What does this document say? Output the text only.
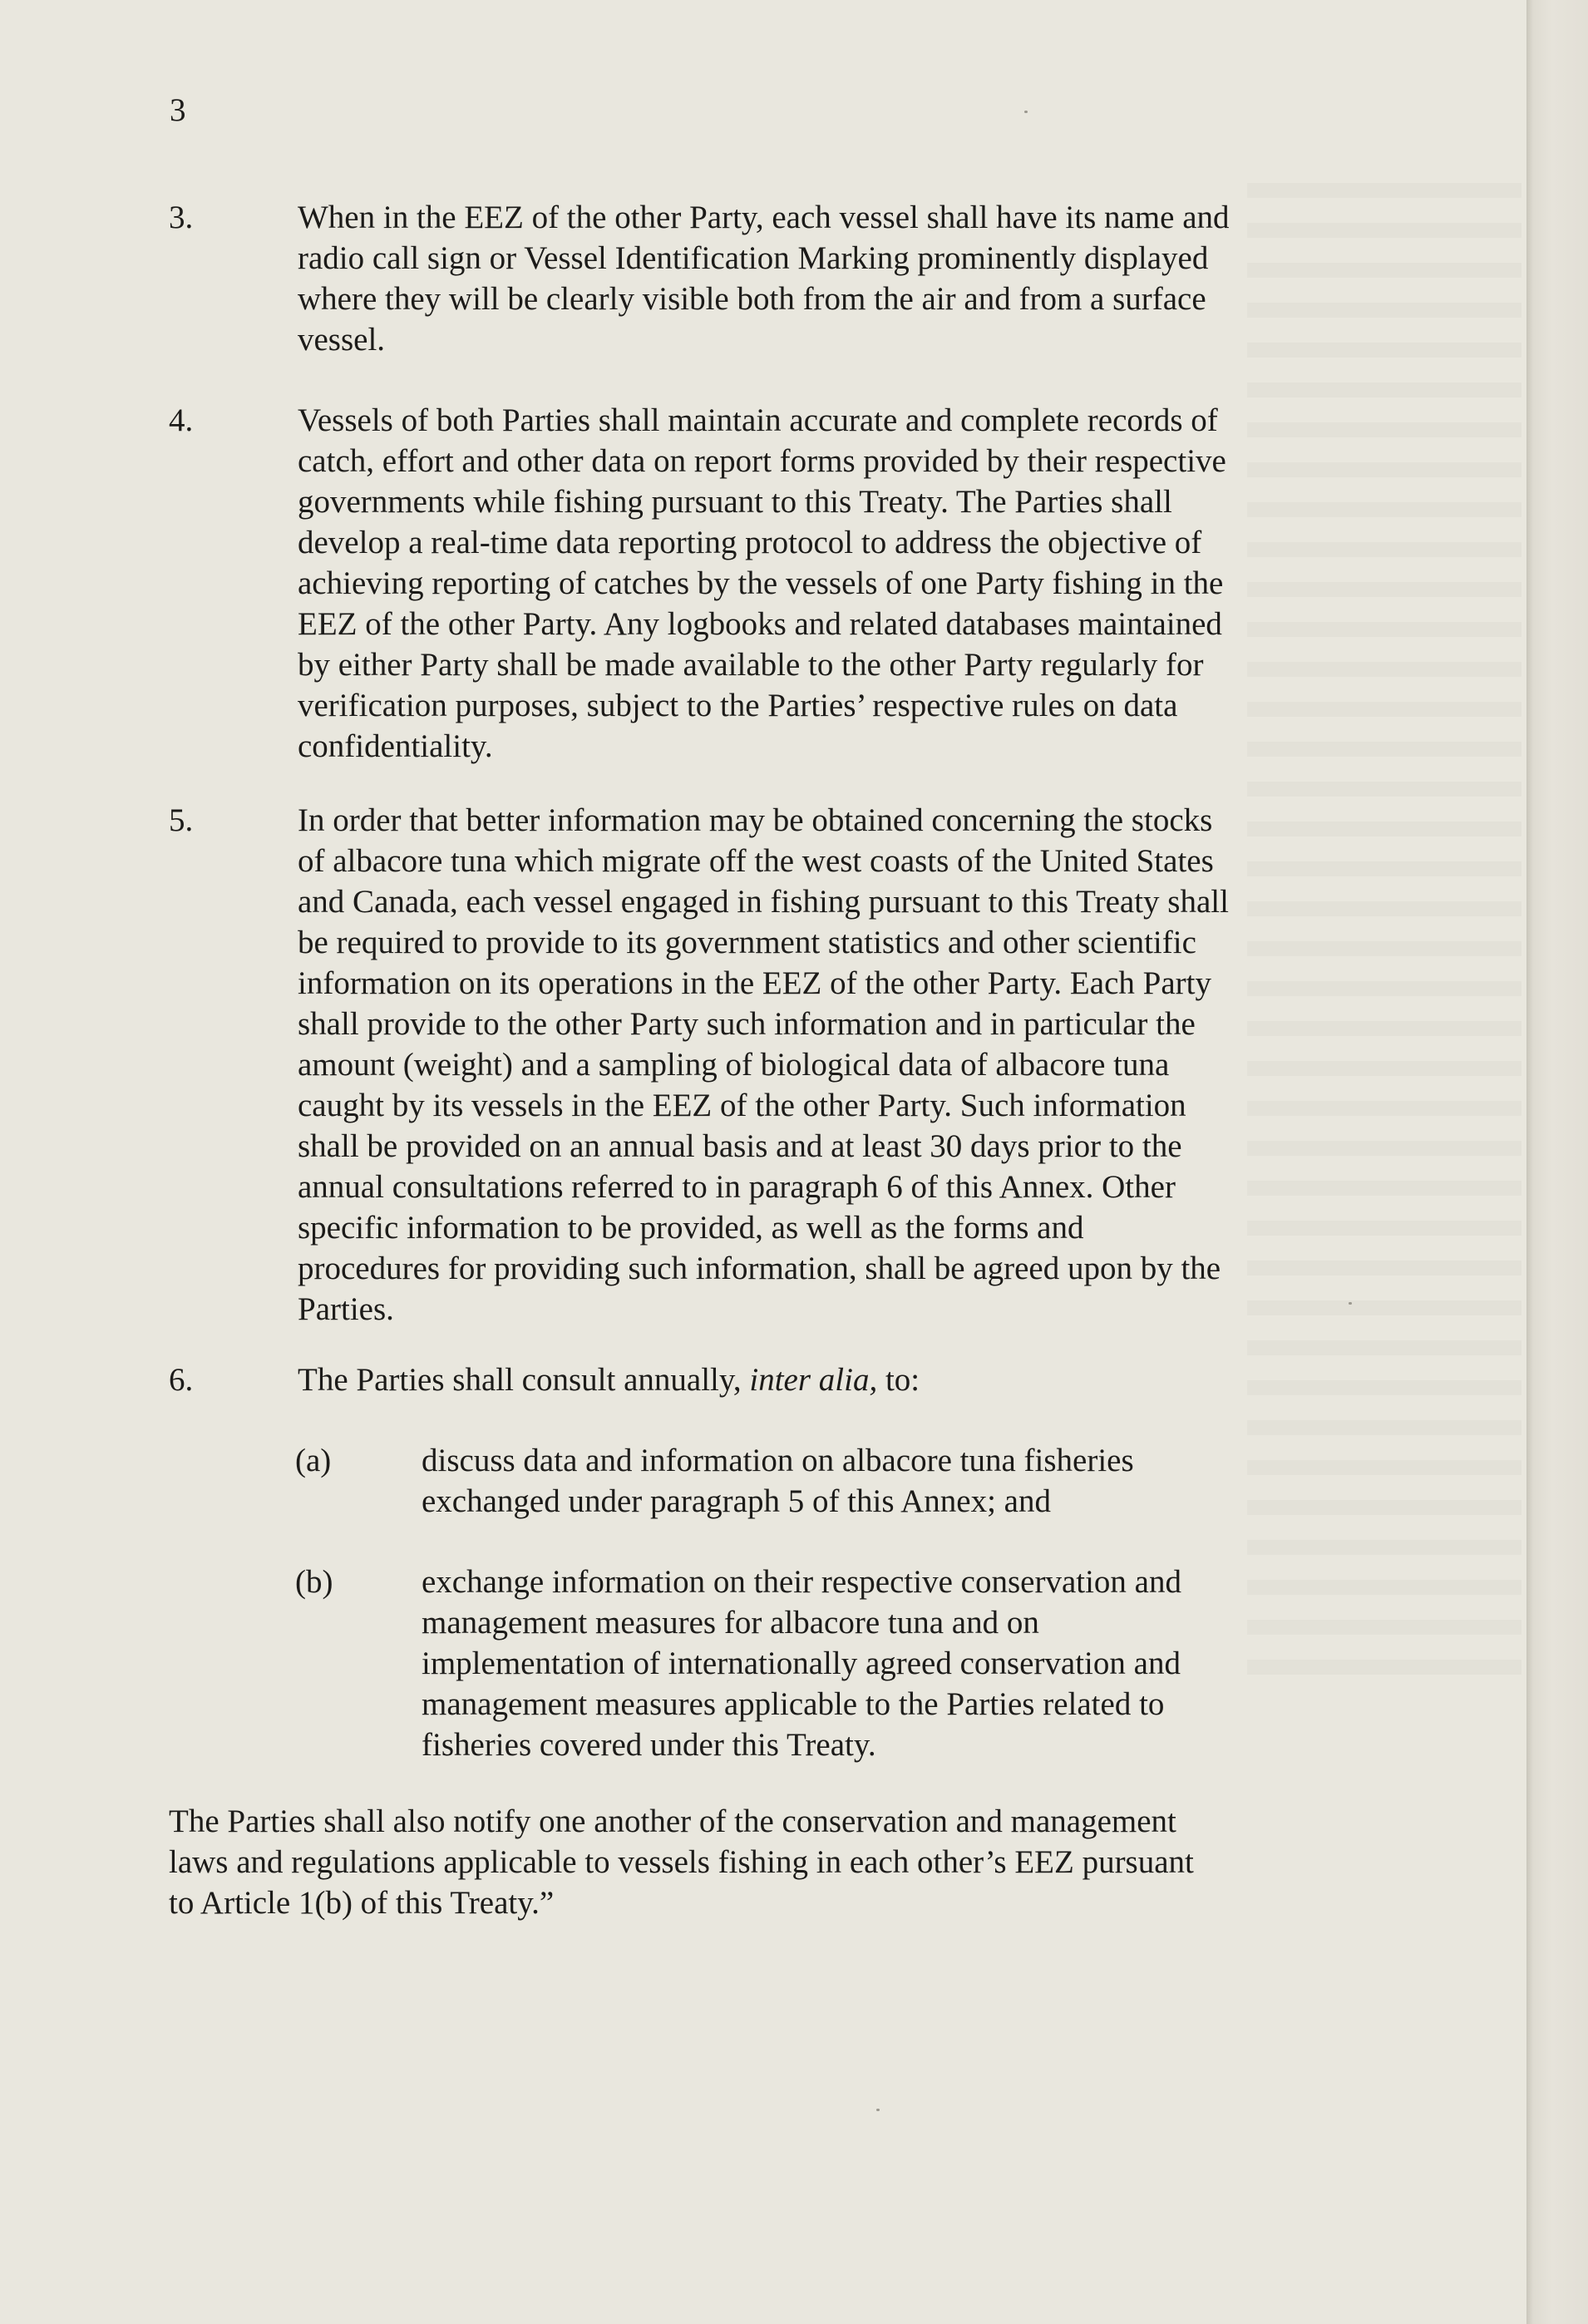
3
3.	When in the EEZ of the other Party, each vessel shall have its name and
radio call sign or Vessel Identification Marking prominently displayed
where they will be clearly visible both from the air and from a surface
vessel.
4.	Vessels of both Parties shall maintain accurate and complete records of
catch, effort and other data on report forms provided by their respective
governments while fishing pursuant to this Treaty. The Parties shall
develop a real-time data reporting protocol to address the objective of
achieving reporting of catches by the vessels of one Party fishing in the
EEZ of the other Party. Any logbooks and related databases maintained
by either Party shall be made available to the other Party regularly for
verification purposes, subject to the Parties’ respective rules on data
confidentiality.
5.	In order that better information may be obtained concerning the stocks
of albacore tuna which migrate off the west coasts of the United States
and Canada, each vessel engaged in fishing pursuant to this Treaty shall
be required to provide to its government statistics and other scientific
information on its operations in the EEZ of the other Party. Each Party
shall provide to the other Party such information and in particular the
amount (weight) and a sampling of biological data of albacore tuna
caught by its vessels in the EEZ of the other Party. Such information
shall be provided on an annual basis and at least 30 days prior to the
annual consultations referred to in paragraph 6 of this Annex. Other
specific information to be provided, as well as the forms and
procedures for providing such information, shall be agreed upon by the
Parties.
6.	The Parties shall consult annually, inter alia, to:
(a)	discuss data and information on albacore tuna fisheries
exchanged under paragraph 5 of this Annex; and
(b)	exchange information on their respective conservation and
management measures for albacore tuna and on
implementation of internationally agreed conservation and
management measures applicable to the Parties related to
fisheries covered under this Treaty.
The Parties shall also notify one another of the conservation and management
laws and regulations applicable to vessels fishing in each other’s EEZ pursuant
to Article 1(b) of this Treaty.”
